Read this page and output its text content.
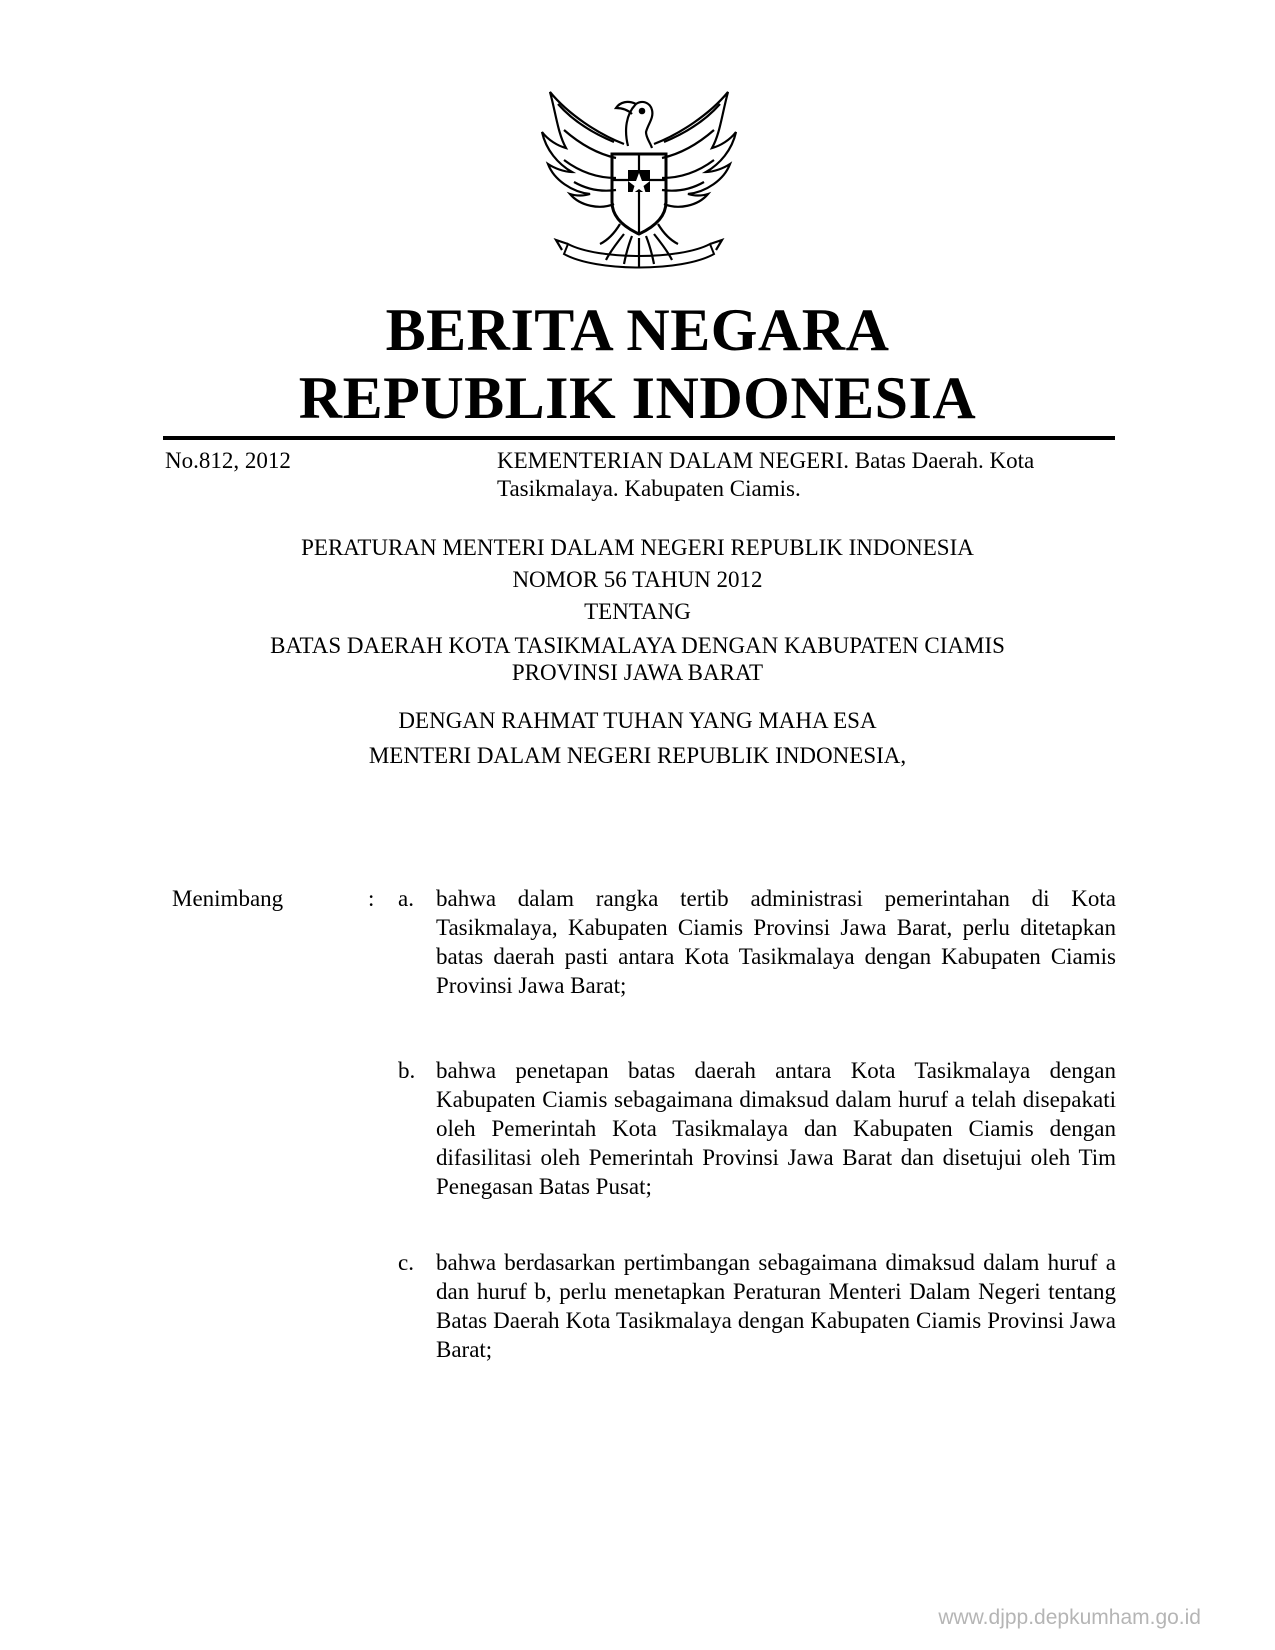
BERITA NEGARA
REPUBLIK INDONESIA
No.812, 2012	KEMENTERIAN DALAM NEGERI. Batas Daerah. Kota Tasikmalaya. Kabupaten Ciamis.
PERATURAN MENTERI DALAM NEGERI REPUBLIK INDONESIA
NOMOR 56 TAHUN 2012
TENTANG
BATAS DAERAH KOTA TASIKMALAYA DENGAN KABUPATEN CIAMIS
PROVINSI JAWA BARAT
DENGAN RAHMAT TUHAN YANG MAHA ESA
MENTERI DALAM NEGERI REPUBLIK INDONESIA,
Menimbang	: a. bahwa dalam rangka tertib administrasi pemerintahan di Kota Tasikmalaya, Kabupaten Ciamis Provinsi Jawa Barat, perlu ditetapkan batas daerah pasti antara Kota Tasikmalaya dengan Kabupaten Ciamis Provinsi Jawa Barat;
b. bahwa penetapan batas daerah antara Kota Tasikmalaya dengan Kabupaten Ciamis sebagaimana dimaksud dalam huruf a telah disepakati oleh Pemerintah Kota Tasikmalaya dan Kabupaten Ciamis dengan difasilitasi oleh Pemerintah Provinsi Jawa Barat dan disetujui oleh Tim Penegasan Batas Pusat;
c. bahwa berdasarkan pertimbangan sebagaimana dimaksud dalam huruf a dan huruf b, perlu menetapkan Peraturan Menteri Dalam Negeri tentang Batas Daerah Kota Tasikmalaya dengan Kabupaten Ciamis Provinsi Jawa Barat;
www.djpp.depkumham.go.id
